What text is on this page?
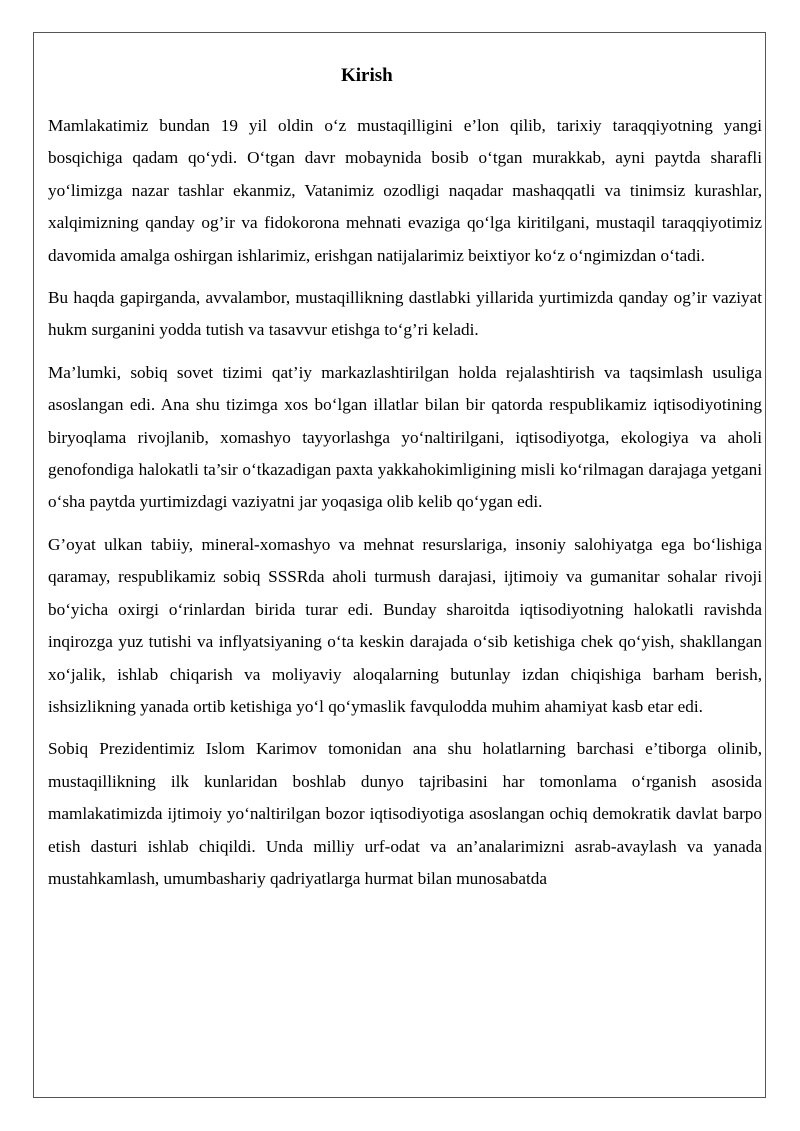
Kirish

Mamlakatimiz bundan 19 yil oldin o‘z mustaqilligini e’lon qilib, tarixiy taraqqiyotning yangi bosqichiga qadam qo‘ydi. O‘tgan davr mobaynida bosib o‘tgan murakkab, ayni paytda sharafli yo‘limizga nazar tashlar ekanmiz, Vatanimiz ozodligi naqadar mashaqqatli va tinimsiz kurashlar, xalqimizning qanday og’ir va fidokorona mehnati evaziga qo‘lga kiritilgani, mustaqil taraqqiyotimiz davomida amalga oshirgan ishlarimiz, erishgan natijalarimiz beixtiyor ko‘z o‘ngimizdan o‘tadi.

Bu haqda gapirganda, avvalambor, mustaqillikning dastlabki yillarida yurtimizda qanday og’ir vaziyat hukm surganini yodda tutish va tasavvur etishga to‘g’ri keladi.

Ma’lumki, sobiq sovet tizimi qat’iy markazlashtirilgan holda rejalashtirish va taqsimlash usuliga asoslangan edi. Ana shu tizimga xos bo‘lgan illatlar bilan bir qatorda respublikamiz iqtisodiyotining biryoqlama rivojlanib, xomashyo tayyorlashga yo‘naltirilgani, iqtisodiyotga, ekologiya va aholi genofondiga halokatli ta’sir o‘tkazadigan paxta yakkahokimligining misli ko‘rilmagan darajaga yetgani o‘sha paytda yurtimizdagi vaziyatni jar yoqasiga olib kelib qo‘ygan edi.

G’oyat ulkan tabiiy, mineral-xomashyo va mehnat resurslariga, insoniy salohiyatga ega bo‘lishiga qaramay, respublikamiz sobiq SSSRda aholi turmush darajasi, ijtimoiy va gumanitar sohalar rivoji bo‘yicha oxirgi o‘rinlardan birida turar edi. Bunday sharoitda iqtisodiyotning halokatli ravishda inqirozga yuz tutishi va inflyatsiyaning o‘ta keskin darajada o‘sib ketishiga chek qo‘yish, shakllangan xo‘jalik, ishlab chiqarish va moliyaviy aloqalarning butunlay izdan chiqishiga barham berish, ishsizlikning yanada ortib ketishiga yo‘l qo‘ymaslik favqulodda muhim ahamiyat kasb etar edi.

Sobiq Prezidentimiz Islom Karimov tomonidan ana shu holatlarning barchasi e’tiborga olinib, mustaqillikning ilk kunlaridan boshlab dunyo tajribasini har tomonlama o‘rganish asosida mamlakatimizda ijtimoiy yo‘naltirilgan bozor iqtisodiyotiga asoslangan ochiq demokratik davlat barpo etish dasturi ishlab chiqildi. Unda milliy urf-odat va an’analarimizni asrab-avaylash va yanada mustahkamlash, umumbashariy qadriyatlarga hurmat bilan munosabatda
